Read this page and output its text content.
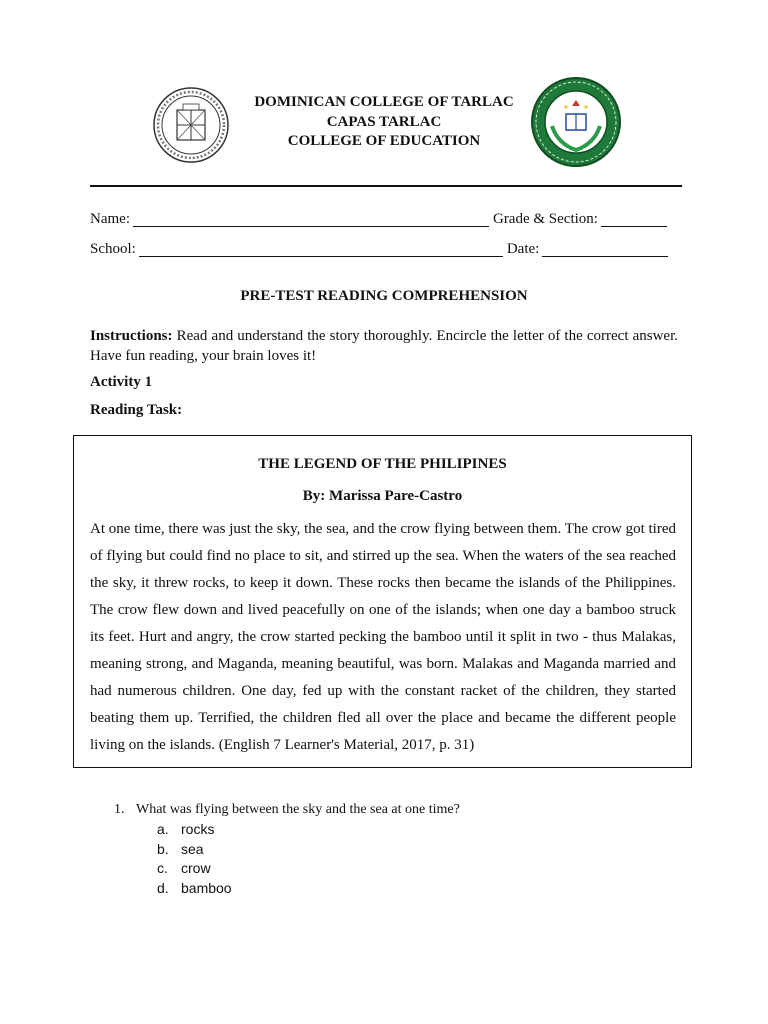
DOMINICAN COLLEGE OF TARLAC
CAPAS TARLAC
COLLEGE OF EDUCATION
Name:	Grade & Section:
School:	Date:
PRE-TEST READING COMPREHENSION
Instructions: Read and understand the story thoroughly. Encircle the letter of the correct answer. Have fun reading, your brain loves it!
Activity 1
Reading Task:
THE LEGEND OF THE PHILIPINES
By: Marissa Pare-Castro
At one time, there was just the sky, the sea, and the crow flying between them. The crow got tired of flying but could find no place to sit, and stirred up the sea. When the waters of the sea reached the sky, it threw rocks, to keep it down. These rocks then became the islands of the Philippines. The crow flew down and lived peacefully on one of the islands; when one day a bamboo struck its feet. Hurt and angry, the crow started pecking the bamboo until it split in two - thus Malakas, meaning strong, and Maganda, meaning beautiful, was born. Malakas and Maganda married and had numerous children. One day, fed up with the constant racket of the children, they started beating them up. Terrified, the children fled all over the place and became the different people living on the islands. (English 7 Learner's Material, 2017, p. 31)
1. What was flying between the sky and the sea at one time?
a. rocks
b. sea
c. crow
d. bamboo
